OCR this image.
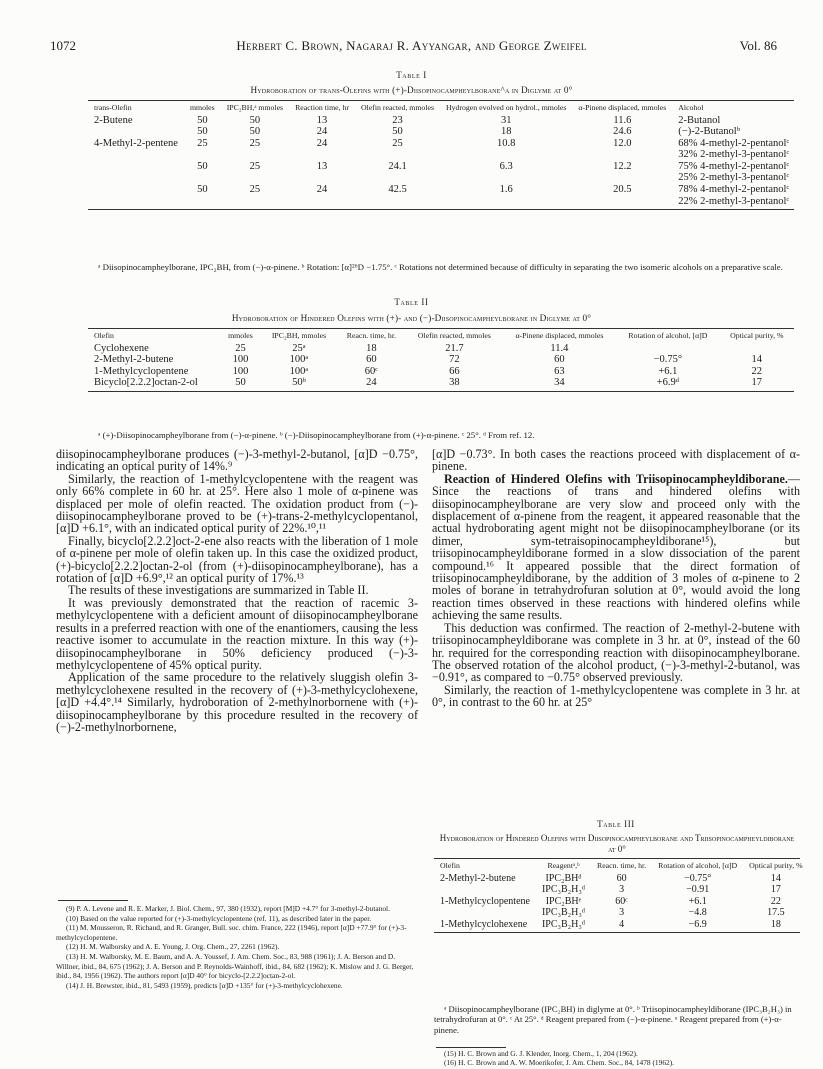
1072	Herbert C. Brown, Nagaraj R. Ayyangar, and George Zweifel	Vol. 86
Table I
Hydroboration of trans-Olefins with (+)-Diisopinocampheylborane^a in Diglyme at 0°
trans-Olefin	mmoles	IPC₂BH,ᵃ mmoles	Reaction time, hr	Olefin reacted, mmoles	Hydrogen evolved on hydrol., mmoles	α-Pinene displaced, mmoles	Alcohol
2-Butene	50	50	13	23	31	11.6	2-Butanol
	50	50	24	50	18	24.6	(−)-2-Butanolᵇ
4-Methyl-2-pentene	25	25	24	25	10.8	12.0	68% 4-methyl-2-pentanolᶜ
							32% 2-methyl-3-pentanolᶜ
	50	25	13	24.1	6.3	12.2	75% 4-methyl-2-pentanolᶜ
							25% 2-methyl-3-pentanolᶜ
	50	25	24	42.5	1.6	20.5	78% 4-methyl-2-pentanolᶜ
							22% 2-methyl-3-pentanolᶜ
ᵃ Diisopinocampheylborane, IPC₂BH, from (−)-α-pinene. ᵇ Rotation: [α]²⁶D −1.75°. ᶜ Rotations not determined because of difficulty in separating the two isomeric alcohols on a preparative scale.
Table II
Hydroboration of Hindered Olefins with (+)- and (−)-Diisopinocampheylborane in Diglyme at 0°
Olefin	mmoles	IPC₂BH, mmoles	Reacn. time, hr.	Olefin reacted, mmoles	α-Pinene displaced, mmoles	Rotation of alcohol, [α]D	Optical purity, %
Cyclohexene	25	25ᵃ	18	21.7	11.4		
2-Methyl-2-butene	100	100ᵃ	60	72	60	−0.75°	14
1-Methylcyclopentene	100	100ᵃ	60ᶜ	66	63	+6.1	22
Bicyclo[2.2.2]octan-2-ol	50	50ᵇ	24	38	34	+6.9ᵈ	17
ᵃ (+)-Diisopinocampheylborane from (−)-α-pinene. ᵇ (−)-Diisopinocampheylborane from (+)-α-pinene. ᶜ 25°. ᵈ From ref. 12.

diisopinocampheylborane produces (−)-3-methyl-2-butanol, [α]D −0.75°, indicating an optical purity of 14%.⁹

Similarly, the reaction of 1-methylcyclopentene with the reagent was only 66% complete in 60 hr. at 25°. Here also 1 mole of α-pinene was displaced per mole of olefin reacted. The oxidation product from (−)-diisopinocampheylborane proved to be (+)-trans-2-methylcyclopentanol, [α]D +6.1°, with an indicated optical purity of 22%.¹⁰,¹¹

Finally, bicyclo[2.2.2]oct-2-ene also reacts with the liberation of 1 mole of α-pinene per mole of olefin taken up. In this case the oxidized product, (+)-bicyclo[2.2.2]octan-2-ol (from (+)-diisopinocampheylborane), has a rotation of [α]D +6.9°,¹² an optical purity of 17%.¹³

The results of these investigations are summarized in Table II.

It was previously demonstrated that the reaction of racemic 3-methylcyclopentene with a deficient amount of diisopinocampheylborane results in a preferred reaction with one of the enantiomers, causing the less reactive isomer to accumulate in the reaction mixture. In this way (+)-diisopinocampheylborane in 50% deficiency produced (−)-3-methylcyclopentene of 45% optical purity.

Application of the same procedure to the relatively sluggish olefin 3-methylcyclohexene resulted in the recovery of (+)-3-methylcyclohexene, [α]D +4.4°.¹⁴ Similarly, hydroboration of 2-methylnorbornene with (+)-diisopinocampheylborane by this procedure resulted in the recovery of (−)-2-methylnorbornene,

(9) P. A. Levene and R. E. Marker, J. Biol. Chem., 97, 380 (1932), report [M]D +4.7° for 3-methyl-2-butanol.

(10) Based on the value reported for (+)-3-methylcyclopentene (ref. 11), as described later in the paper.

(11) M. Mousseron, R. Richaud, and R. Granger, Bull. soc. chim. France, 222 (1946), report [α]D +77.9° for (+)-3-methylcyclopentene.

(12) H. M. Walborsky and A. E. Young, J. Org. Chem., 27, 2261 (1962).

(13) H. M. Walborsky, M. E. Baum, and A. A. Youssef, J. Am. Chem. Soc., 83, 988 (1961); J. A. Berson and D. Willner, ibid., 84, 675 (1962); J. A. Berson and P. Reynolds-Wainhoff, ibid., 84, 682 (1962); K. Mislow and J. G. Berger, ibid., 84, 1956 (1962). The authors report [α]D 40° for bicyclo-[2.2.2]octan-2-ol.

(14) J. H. Brewster, ibid., 81, 5493 (1959), predicts [α]D +135° for (+)-3-methylcyclohexene.

[α]D −0.73°. In both cases the reactions proceed with displacement of α-pinene.

Reaction of Hindered Olefins with Triisopinocampheyldiborane.—Since the reactions of trans and hindered olefins with diisopinocampheylborane are very slow and proceed only with the displacement of α-pinene from the reagent, it appeared reasonable that the actual hydroborating agent might not be diisopinocampheylborane (or its dimer, sym-tetraisopinocampheyldiborane¹⁵), but triisopinocampheyldiborane formed in a slow dissociation of the parent compound.¹⁶ It appeared possible that the direct formation of triisopinocampheyldiborane, by the addition of 3 moles of α-pinene to 2 moles of borane in tetrahydrofuran solution at 0°, would avoid the long reaction times observed in these reactions with hindered olefins while achieving the same results.

This deduction was confirmed. The reaction of 2-methyl-2-butene with triisopinocampheyldiborane was complete in 3 hr. at 0°, instead of the 60 hr. required for the corresponding reaction with diisopinocampheylborane. The observed rotation of the alcohol product, (−)-3-methyl-2-butanol, was −0.91°, as compared to −0.75° observed previously.

Similarly, the reaction of 1-methylcyclopentene was complete in 3 hr. at 0°, in contrast to the 60 hr. at 25°

Table III
Hydroboration of Hindered Olefins with Diisopinocampheylborane and Triisopinocampheyldiborane at 0°
Olefin	Reagentᵃ,ᵇ	Reacn. time, hr.	Rotation of alcohol, [α]D	Optical purity, %
2-Methyl-2-butene	IPC₂BHᵈ	60	−0.75°	14
	IPC₃B₂H₃ᵈ	3	−0.91	17
1-Methylcyclopentene	IPC₂BHᵉ	60ᶜ	+6.1	22
	IPC₃B₂H₃ᵈ	3	−4.8	17.5
1-Methylcyclohexene	IPC₃B₂H₃ᵈ	4	−6.9	18
ᵃ Diisopinocampheylborane (IPC₂BH) in diglyme at 0°. ᵇ Triisopinocampheyldiborane (IPC₃B₂H₃) in tetrahydrofuran at 0°. ᶜ At 25°. ᵈ Reagent prepared from (−)-α-pinene. ᵉ Reagent prepared from (+)-α-pinene.

(15) H. C. Brown and G. J. Klender, Inorg. Chem., 1, 204 (1962).

(16) H. C. Brown and A. W. Moerikofer, J. Am. Chem. Soc., 84, 1478 (1962).
